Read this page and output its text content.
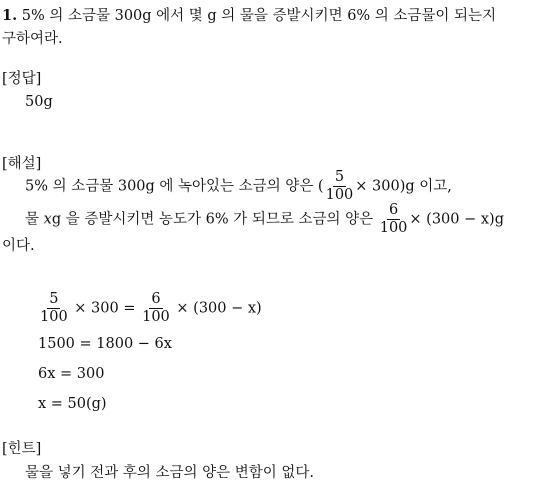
1. 5% 의 소금물 300g 에서 몇 g 의 물을 증발시키면 6% 의 소금물이 되는지
구하여라.
[정답]
50g
[해설]
5% 의 소금물 300g 에 녹아있는 소금의 양은 ( $\frac{5}{100} \times 300)g$ 이고,
물 xg 을 증발시키면 농도가 6% 가 되므로 소금의 양은 $\frac{6}{100} \times (300 - x)g$
이다.
$\frac{5}{100} \times 300 = \frac{6}{100} \times (300 - x)$
1500 = 1800 − 6x
6x = 300
x = 50(g)
[힌트]
물을 넣기 전과 후의 소금의 양은 변함이 없다.
